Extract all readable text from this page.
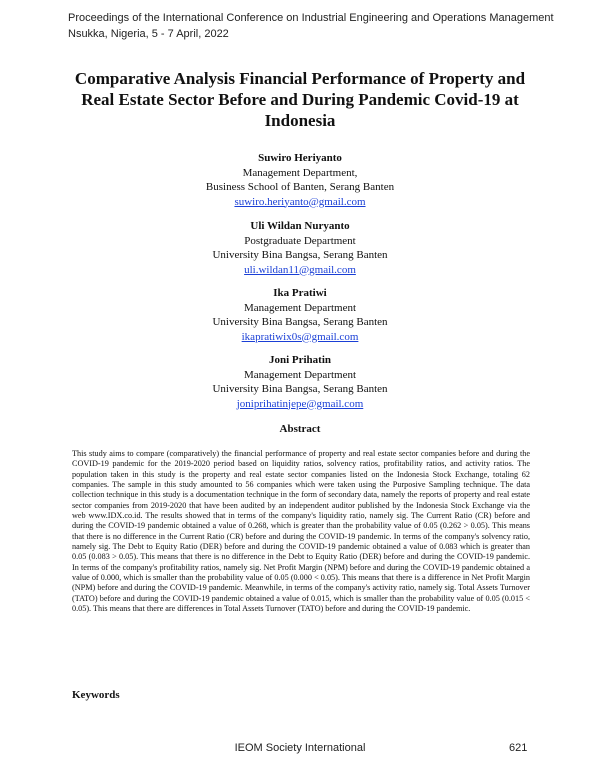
Proceedings of the International Conference on Industrial Engineering and Operations Management
Nsukka, Nigeria, 5 - 7 April, 2022
Comparative Analysis Financial Performance of Property and Real Estate Sector Before and During Pandemic Covid-19 at Indonesia
Suwiro Heriyanto
Management Department,
Business School of Banten, Serang Banten
suwiro.heriyanto@gmail.com
Uli Wildan Nuryanto
Postgraduate Department
University Bina Bangsa, Serang Banten
uli.wildan11@gmail.com
Ika Pratiwi
Management Department
University Bina Bangsa, Serang Banten
ikapratiwix0s@gmail.com
Joni Prihatin
Management Department
University Bina Bangsa, Serang Banten
joniprihatinjepe@gmail.com
Abstract
This study aims to compare (comparatively) the financial performance of property and real estate sector companies before and during the COVID-19 pandemic for the 2019-2020 period based on liquidity ratios, solvency ratios, profitability ratios, and activity ratios. The population taken in this study is the property and real estate sector companies listed on the Indonesia Stock Exchange, totaling 62 companies. The sample in this study amounted to 56 companies which were taken using the Purposive Sampling technique. The data collection technique in this study is a documentation technique in the form of secondary data, namely the reports of property and real estate sector companies from 2019-2020 that have been audited by an independent auditor published by the Indonesia Stock Exchange via the web www.IDX.co.id. The results showed that in terms of the company's liquidity ratio, namely sig. The Current Ratio (CR) before and during the COVID-19 pandemic obtained a value of 0.268, which is greater than the probability value of 0.05 (0.262 > 0.05). This means that there is no difference in the Current Ratio (CR) before and during the COVID-19 pandemic. In terms of the company's solvency ratio, namely sig. The Debt to Equity Ratio (DER) before and during the COVID-19 pandemic obtained a value of 0.083 which is greater than 0.05 (0.083 > 0.05). This means that there is no difference in the Debt to Equity Ratio (DER) before and during the COVID-19 pandemic. In terms of the company's profitability ratios, namely sig. Net Profit Margin (NPM) before and during the COVID-19 pandemic obtained a value of 0.000, which is smaller than the probability value of 0.05 (0.000 < 0.05). This means that there is a difference in Net Profit Margin (NPM) before and during the COVID-19 pandemic. Meanwhile, in terms of the company's activity ratio, namely sig. Total Assets Turnover (TATO) before and during the COVID-19 pandemic obtained a value of 0.015, which is smaller than the probability value of 0.05 (0.015 < 0.05). This means that there are differences in Total Assets Turnover (TATO) before and during the COVID-19 pandemic.
Keywords
IEOM Society International	621
